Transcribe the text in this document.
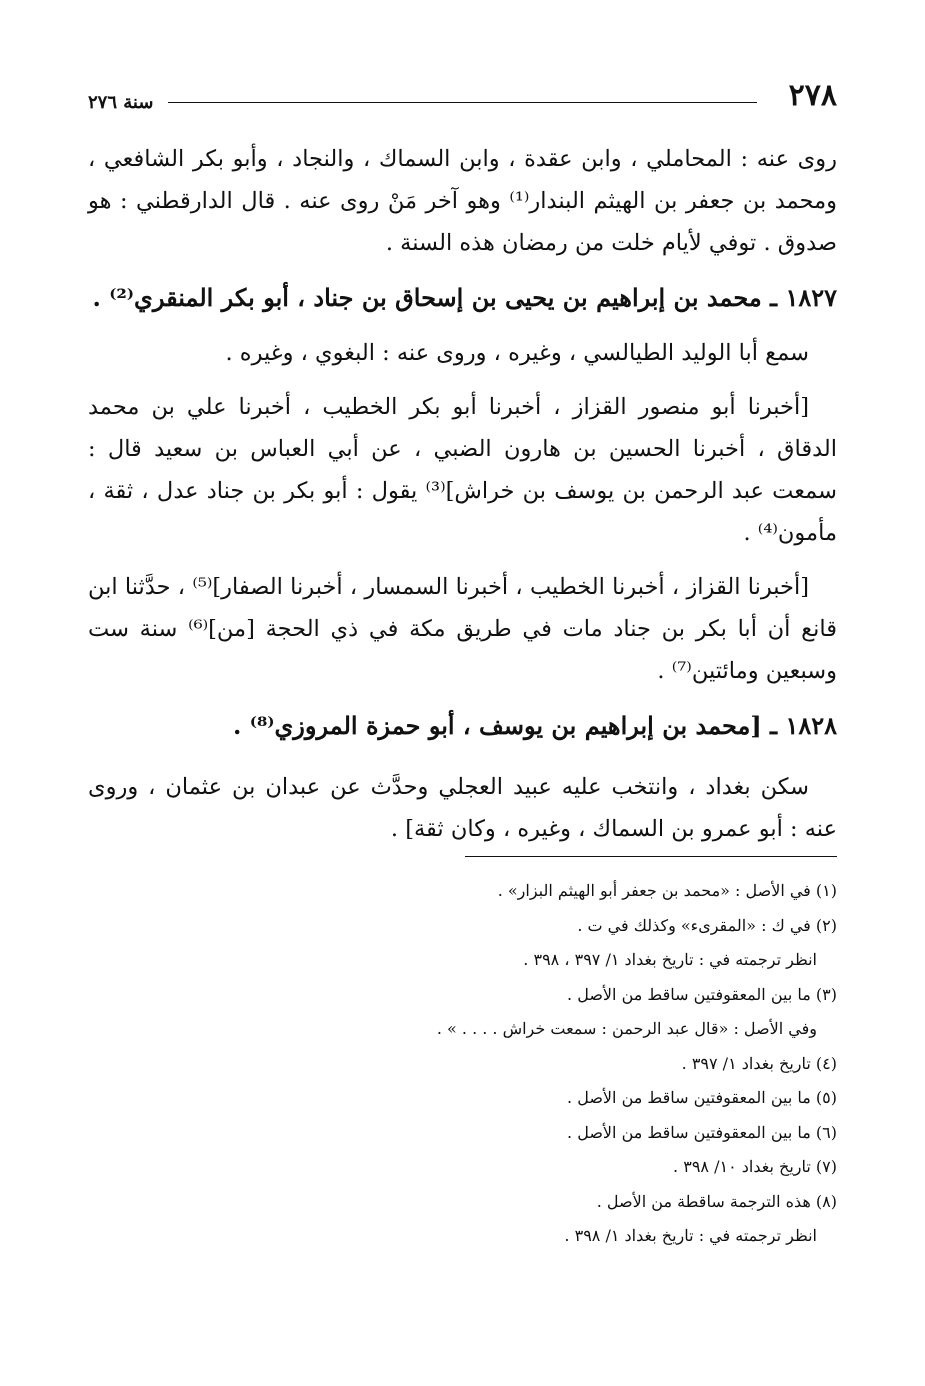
٢٧٨
سنة ٢٧٦

روى عنه : المحاملي ، وابن عقدة ، وابن السماك ، والنجاد ، وأبو بكر الشافعي ، ومحمد بن جعفر بن الهيثم البندار⁽¹⁾ وهو آخر مَنْ روى عنه . قال الدارقطني : هو صدوق . توفي لأيام خلت من رمضان هذه السنة .

١٨٢٧ ـ محمد بن إبراهيم بن يحيى بن إسحاق بن جناد ، أبو بكر المنقري⁽²⁾ .

سمع أبا الوليد الطيالسي ، وغيره ، وروى عنه : البغوي ، وغيره .

[أخبرنا أبو منصور القزاز ، أخبرنا أبو بكر الخطيب ، أخبرنا علي بن محمد الدقاق ، أخبرنا الحسين بن هارون الضبي ، عن أبي العباس بن سعيد قال : سمعت عبد الرحمن بن يوسف بن خراش]⁽³⁾ يقول : أبو بكر بن جناد عدل ، ثقة ، مأمون⁽⁴⁾ .

[أخبرنا القزاز ، أخبرنا الخطيب ، أخبرنا السمسار ، أخبرنا الصفار]⁽⁵⁾ ، حدَّثنا ابن قانع أن أبا بكر بن جناد مات في طريق مكة في ذي الحجة [من]⁽⁶⁾ سنة ست وسبعين ومائتين⁽⁷⁾ .

١٨٢٨ ـ [محمد بن إبراهيم بن يوسف ، أبو حمزة المروزي⁽⁸⁾ .

سكن بغداد ، وانتخب عليه عبيد العجلي وحدَّث عن عبدان بن عثمان ، وروى عنه : أبو عمرو بن السماك ، وغيره ، وكان ثقة] .

(١) في الأصل : «محمد بن جعفر أبو الهيثم البزار» .

(٢) في ك : «المقرىء» وكذلك في ت .

انظر ترجمته في : تاريخ بغداد ١/ ٣٩٧ ، ٣٩٨ .

(٣) ما بين المعقوفتين ساقط من الأصل .

وفي الأصل : «قال عبد الرحمن : سمعت خراش . . . . » .

(٤) تاريخ بغداد ١/ ٣٩٧ .

(٥) ما بين المعقوفتين ساقط من الأصل .

(٦) ما بين المعقوفتين ساقط من الأصل .

(٧) تاريخ بغداد ١٠/ ٣٩٨ .

(٨) هذه الترجمة ساقطة من الأصل .

انظر ترجمته في : تاريخ بغداد ١/ ٣٩٨ .
